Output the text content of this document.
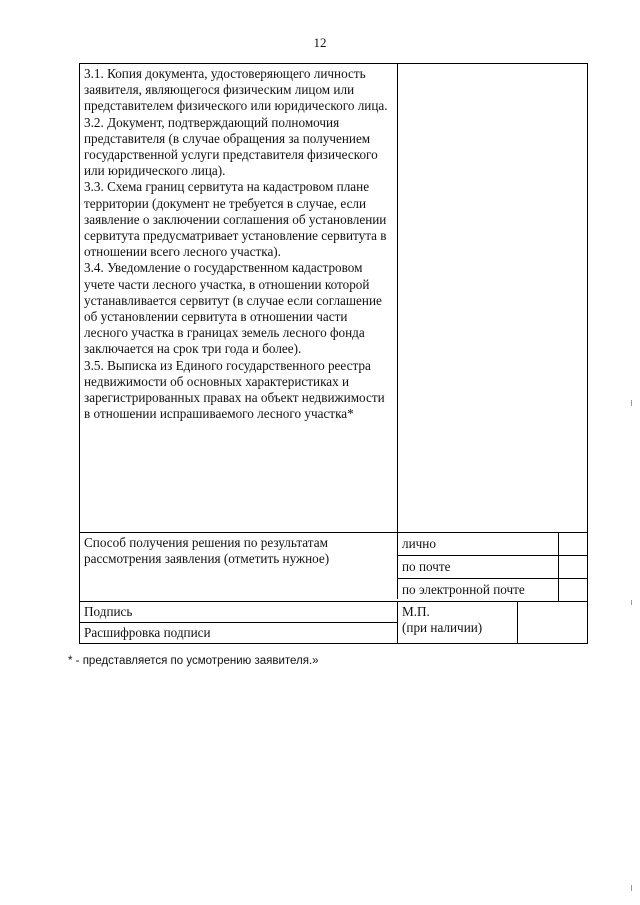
12

3.1. Копия документа, удостоверяющего личность заявителя, являющегося физическим лицом или представителем физического или юридического лица.

3.2. Документ, подтверждающий полномочия представителя (в случае обращения за получением государственной услуги представителя физического или юридического лица).

3.3. Схема границ сервитута на кадастровом плане территории (документ не требуется в случае, если заявление о заключении соглашения об установлении сервитута предусматривает установление сервитута в отношении всего лесного участка).

3.4. Уведомление о государственном кадастровом учете части лесного участка, в отношении которой устанавливается сервитут (в случае если соглашение об установлении сервитута в отношении части лесного участка в границах земель лесного фонда заключается на срок три года и более).

3.5. Выписка из Единого государственного реестра недвижимости об основных характеристиках и зарегистрированных правах на объект недвижимости в отношении испрашиваемого лесного участка*

Способ получения решения по результатам рассмотрения заявления (отметить нужное)
лично
по почте
по электронной почте
Подпись
Расшифровка подписи
М.П.
(при наличии)
* - представляется по усмотрению заявителя.»
